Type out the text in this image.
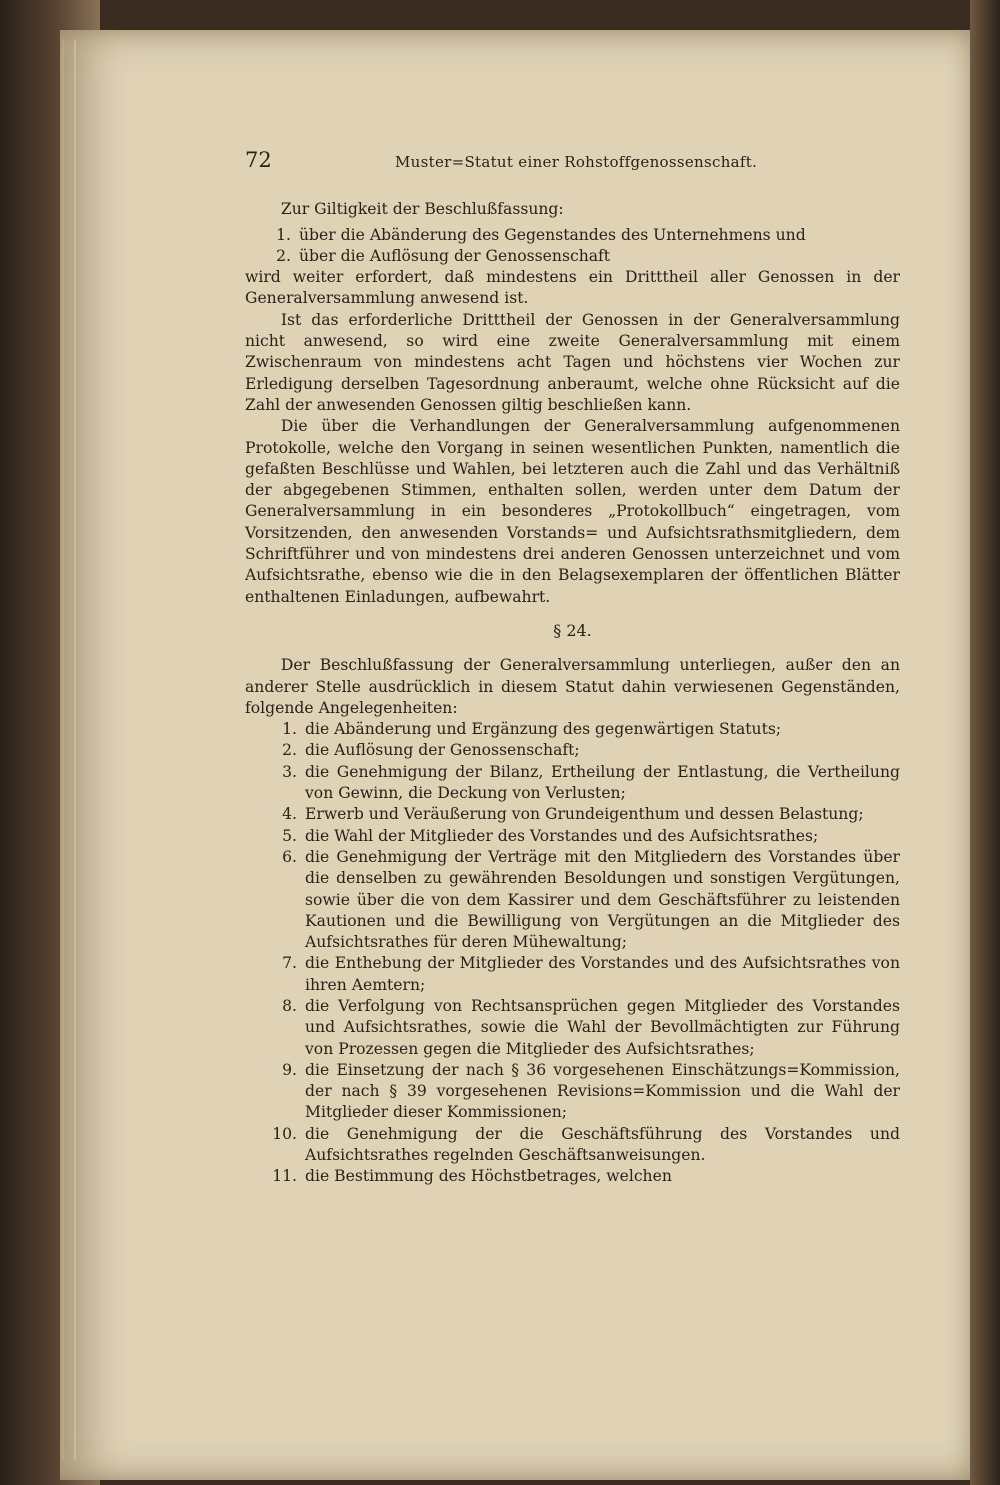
72	Muster=Statut einer Rohstoffgenossenschaft.

Zur Giltigkeit der Beschlußfassung:

1. über die Abänderung des Gegenstandes des Unternehmens und
2. über die Auflösung der Genossenschaft

wird weiter erfordert, daß mindestens ein Dritttheil aller Genossen in der Generalversammlung anwesend ist.

Ist das erforderliche Dritttheil der Genossen in der Generalversammlung nicht anwesend, so wird eine zweite Generalversammlung mit einem Zwischenraum von mindestens acht Tagen und höchstens vier Wochen zur Erledigung derselben Tagesordnung anberaumt, welche ohne Rücksicht auf die Zahl der anwesenden Genossen giltig beschließen kann.

Die über die Verhandlungen der Generalversammlung aufgenommenen Protokolle, welche den Vorgang in seinen wesentlichen Punkten, namentlich die gefaßten Beschlüsse und Wahlen, bei letzteren auch die Zahl und das Verhältniß der abgegebenen Stimmen, enthalten sollen, werden unter dem Datum der Generalversammlung in ein besonderes „Protokollbuch“ eingetragen, vom Vorsitzenden, den anwesenden Vorstands= und Aufsichtsrathsmitgliedern, dem Schriftführer und von mindestens drei anderen Genossen unterzeichnet und vom Aufsichtsrathe, ebenso wie die in den Belagsexemplaren der öffentlichen Blätter enthaltenen Einladungen, aufbewahrt.

§ 24.

Der Beschlußfassung der Generalversammlung unterliegen, außer den an anderer Stelle ausdrücklich in diesem Statut dahin verwiesenen Gegenständen, folgende Angelegenheiten:

1. die Abänderung und Ergänzung des gegenwärtigen Statuts;
2. die Auflösung der Genossenschaft;
3. die Genehmigung der Bilanz, Ertheilung der Entlastung, die Vertheilung von Gewinn, die Deckung von Verlusten;
4. Erwerb und Veräußerung von Grundeigenthum und dessen Belastung;
5. die Wahl der Mitglieder des Vorstandes und des Aufsichtsrathes;
6. die Genehmigung der Verträge mit den Mitgliedern des Vorstandes über die denselben zu gewährenden Besoldungen und sonstigen Vergütungen, sowie über die von dem Kassirer und dem Geschäftsführer zu leistenden Kautionen und die Bewilligung von Vergütungen an die Mitglieder des Aufsichtsrathes für deren Mühewaltung;
7. die Enthebung der Mitglieder des Vorstandes und des Aufsichtsrathes von ihren Aemtern;
8. die Verfolgung von Rechtsansprüchen gegen Mitglieder des Vorstandes und Aufsichtsrathes, sowie die Wahl der Bevollmächtigten zur Führung von Prozessen gegen die Mitglieder des Aufsichtsrathes;
9. die Einsetzung der nach § 36 vorgesehenen Einschätzungs=Kommission, der nach § 39 vorgesehenen Revisions=Kommission und die Wahl der Mitglieder dieser Kommissionen;
10. die Genehmigung der die Geschäftsführung des Vorstandes und Aufsichtsrathes regelnden Geschäftsanweisungen.
11. die Bestimmung des Höchstbetrages, welchen
